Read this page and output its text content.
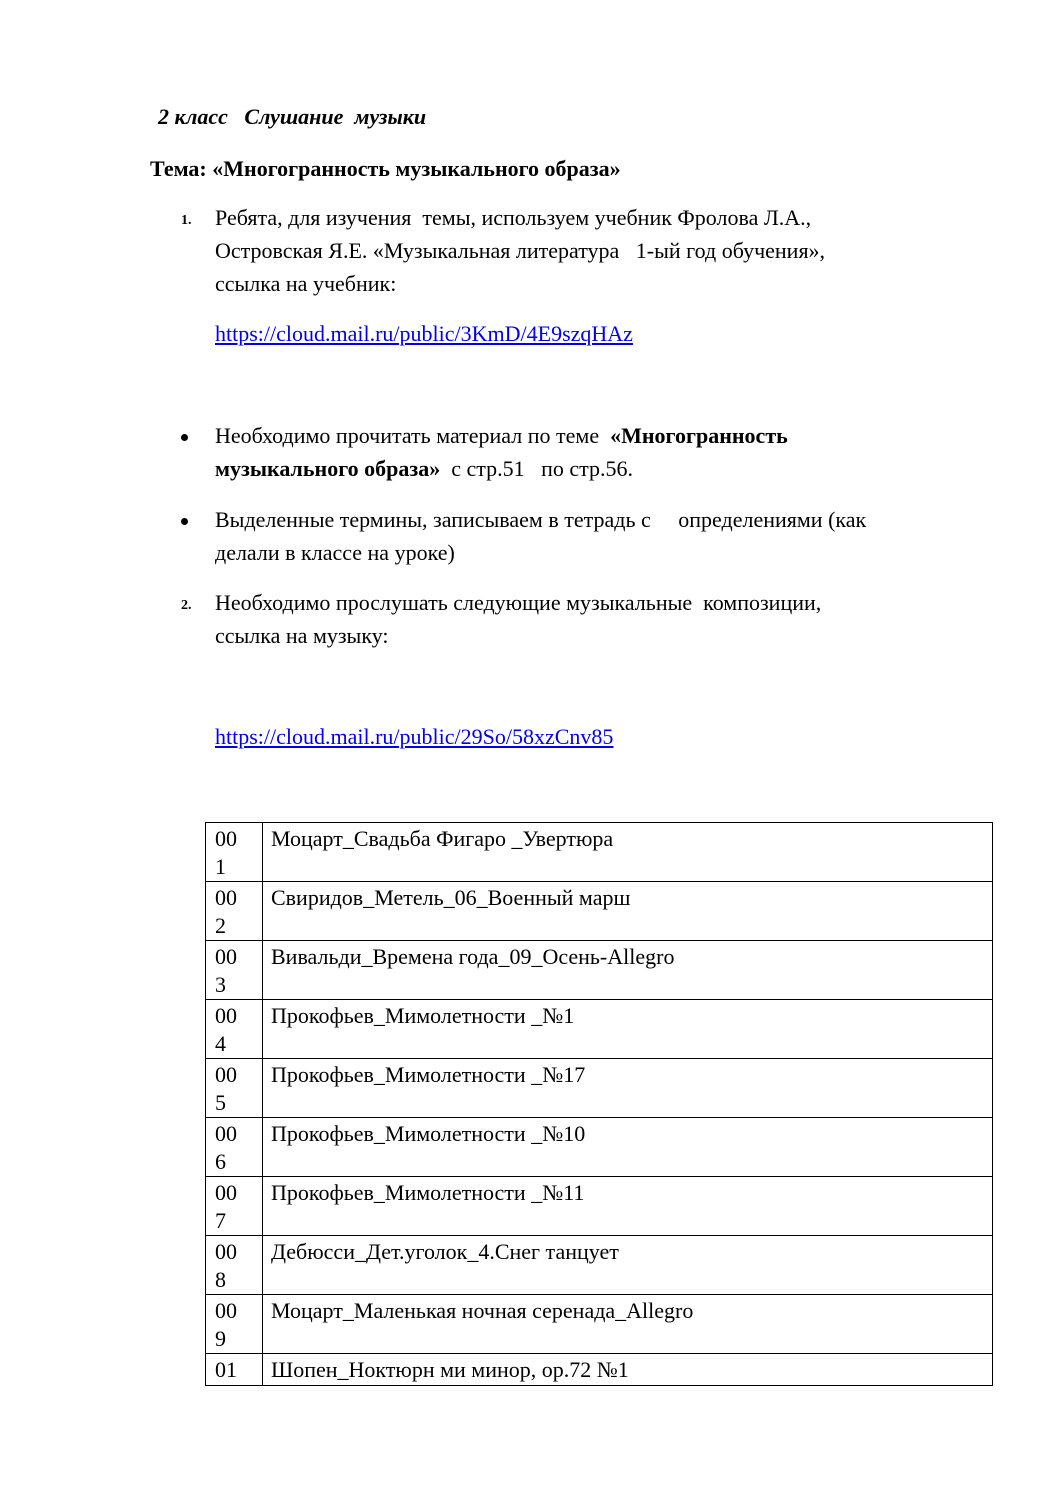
2 класс   Слушание  музыки
Тема: «Многогранность музыкального образа»
1. Ребята, для изучения  темы, используем учебник Фролова Л.А.,
Островская Я.Е. «Музыкальная литература   1-ый год обучения»,
ссылка на учебник:
https://cloud.mail.ru/public/3KmD/4E9szqHAz
Необходимо прочитать материал по теме  «Многогранность
музыкального образа»  с стр.51   по стр.56.
Выделенные термины, записываем в тетрадь с     определениями (как
делали в классе на уроке)
2. Необходимо прослушать следующие музыкальные  композиции,
ссылка на музыку:
https://cloud.mail.ru/public/29So/58xzCnv85
001	Моцарт_Свадьба Фигаро _Увертюра

002	Свиридов_Метель_06_Военный марш

003	Вивальди_Времена года_09_Осень-Allegro

004	Прокофьев_Мимолетности _№1

005	Прокофьев_Мимолетности _№17

006	Прокофьев_Мимолетности _№10

007	Прокофьев_Мимолетности _№11

008	Дебюсси_Дет.уголок_4.Снег танцует

009	Моцарт_Маленькая ночная серенада_Allegro

01	Шопен_Ноктюрн ми минор, ор.72 №1
